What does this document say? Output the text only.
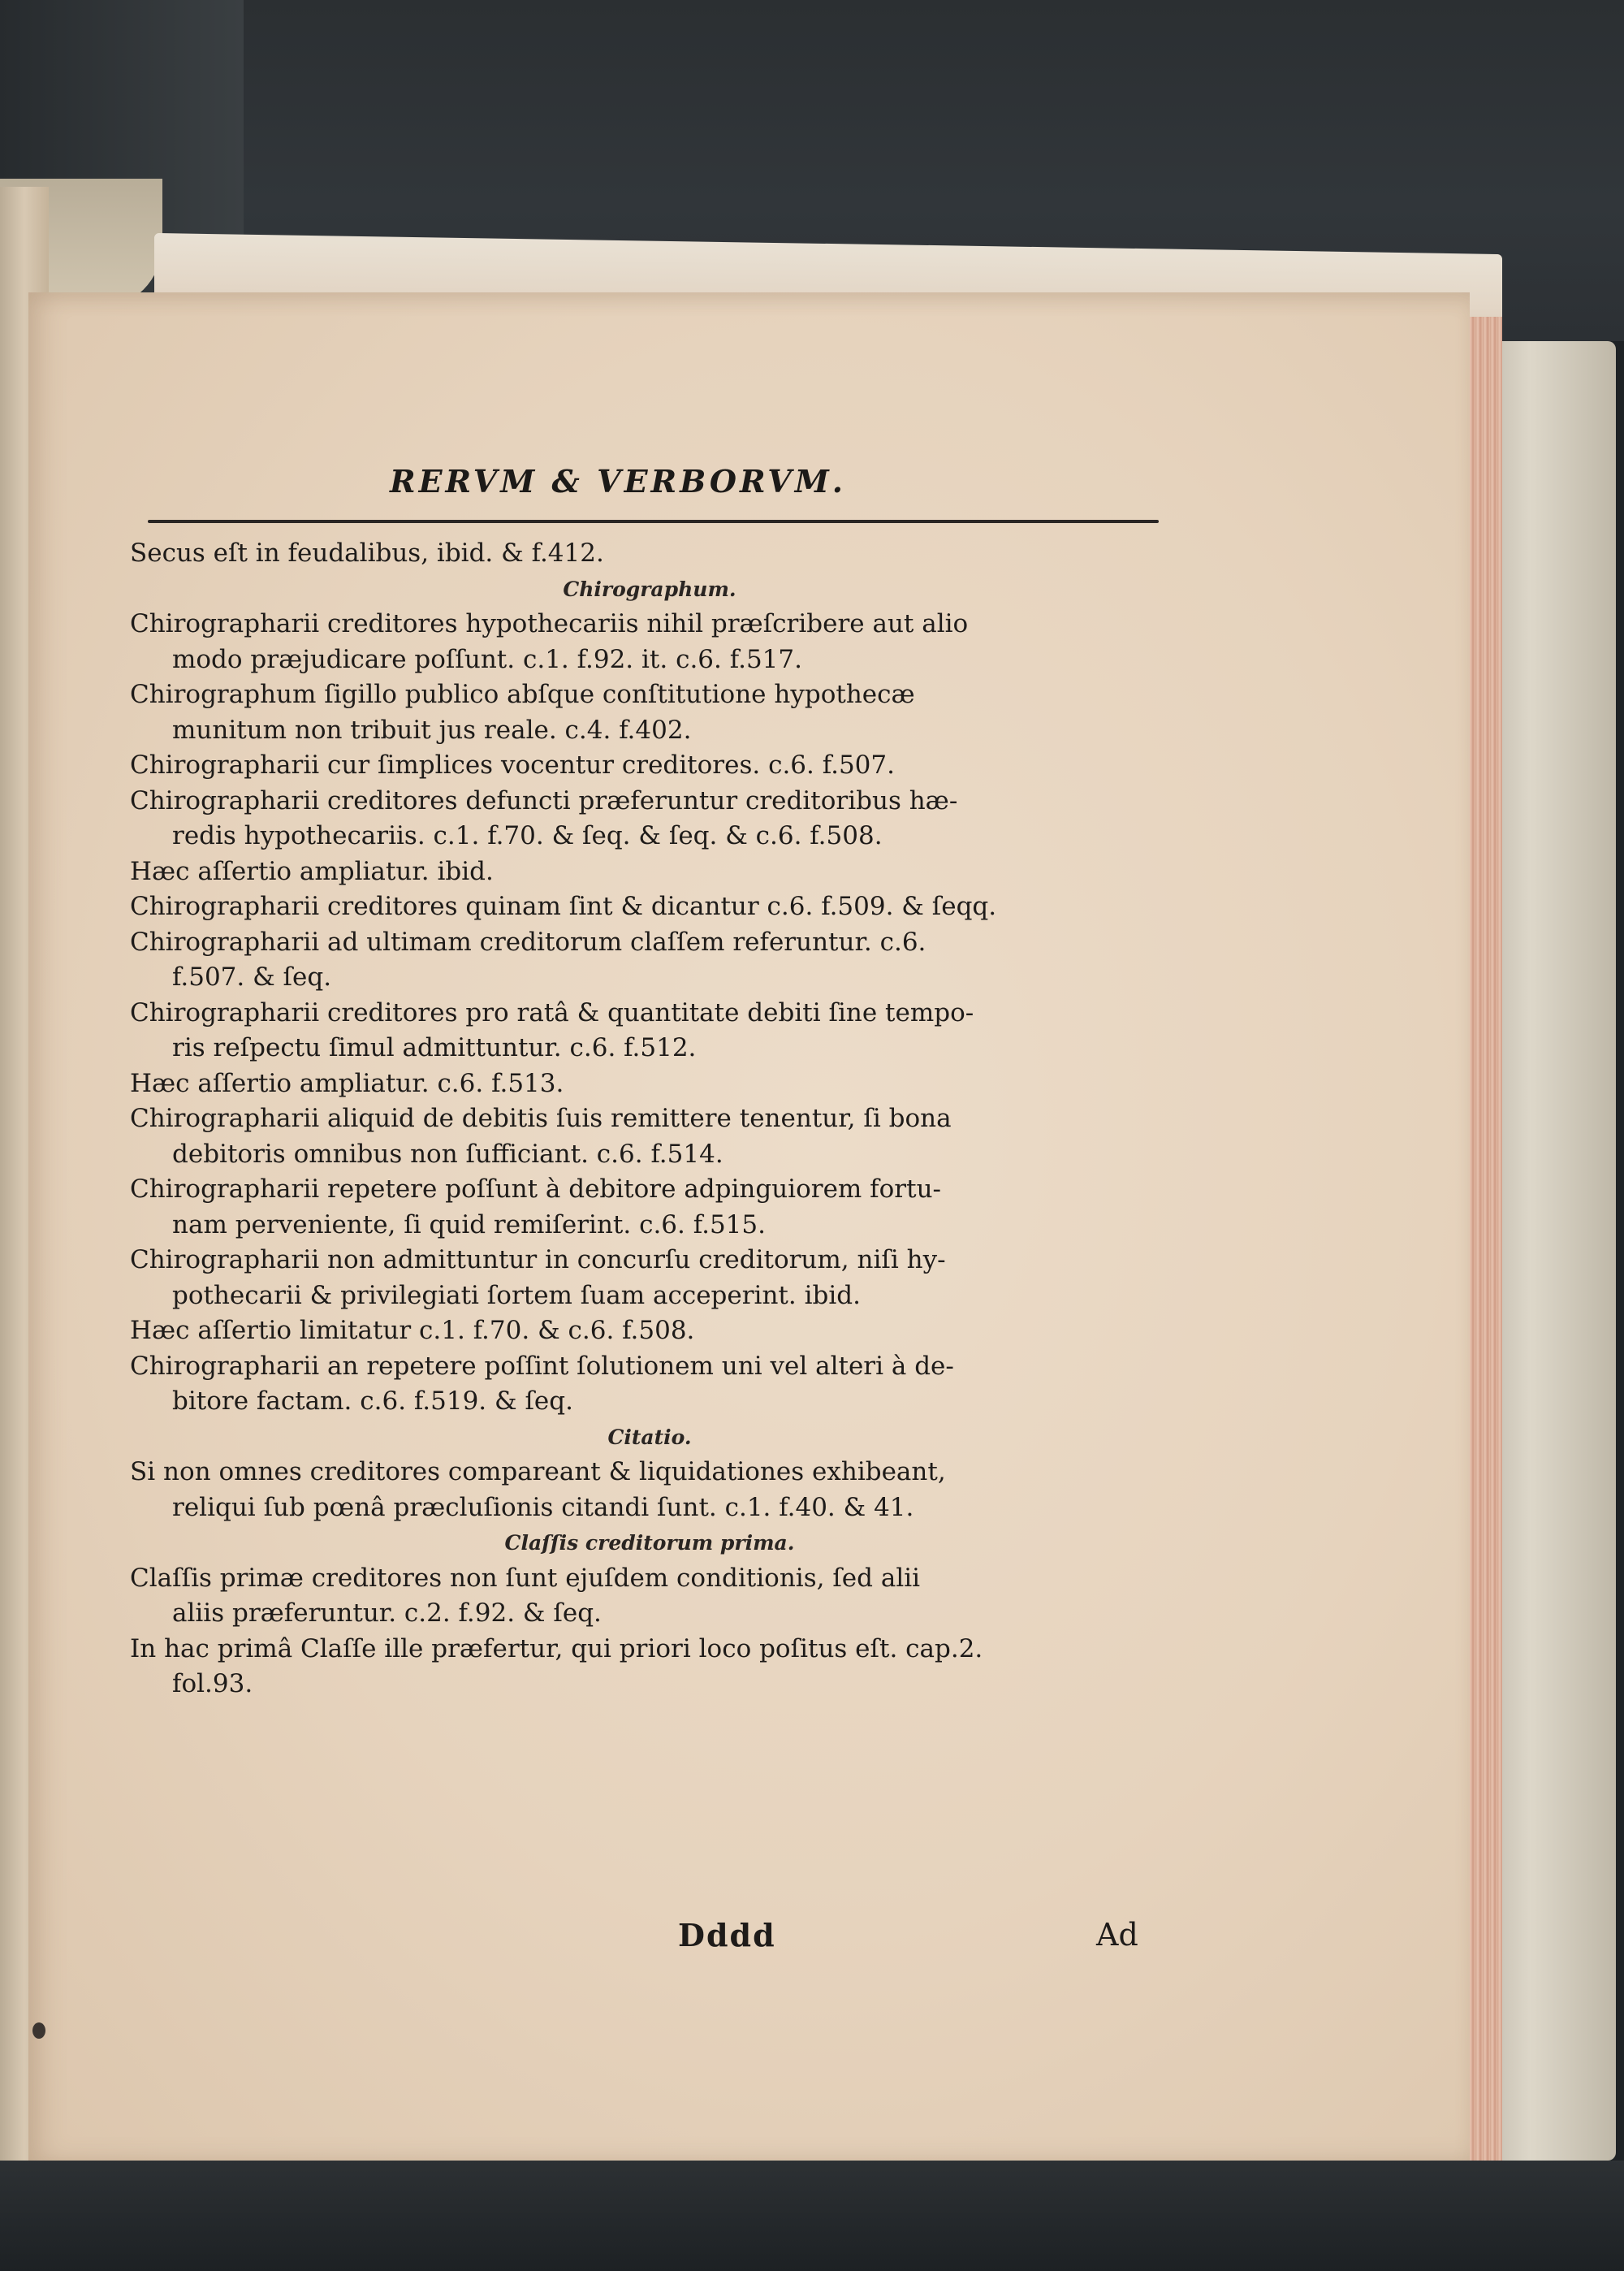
RERVM & VERBORVM.
Secus eſt in feudalibus, ibid. & f.412.
Chirographum.
Chirographarii creditores hypothecariis nihil præſcribere aut alio
modo præjudicare poſſunt. c.1. f.92. it. c.6. f.517.
Chirographum ſigillo publico abſque conſtitutione hypothecæ
munitum non tribuit jus reale. c.4. f.402.
Chirographarii cur ſimplices vocentur creditores. c.6. f.507.
Chirographarii creditores defuncti præferuntur creditoribus hæ-
redis hypothecariis. c.1. f.70. & ſeq. & ſeq. & c.6. f.508.
Hæc aſſertio ampliatur. ibid.
Chirographarii creditores quinam ſint & dicantur c.6. f.509. & ſeqq.
Chirographarii ad ultimam creditorum claſſem referuntur. c.6.
f.507. & ſeq.
Chirographarii creditores pro ratâ & quantitate debiti ſine tempo-
ris reſpectu ſimul admittuntur. c.6. f.512.
Hæc aſſertio ampliatur. c.6. f.513.
Chirographarii aliquid de debitis ſuis remittere tenentur, ſi bona
debitoris omnibus non ſufficiant. c.6. f.514.
Chirographarii repetere poſſunt à debitore adpinguiorem fortu-
nam perveniente, ſi quid remiſerint. c.6. f.515.
Chirographarii non admittuntur in concurſu creditorum, niſi hy-
pothecarii & privilegiati ſortem ſuam acceperint. ibid.
Hæc aſſertio limitatur c.1. f.70. & c.6. f.508.
Chirographarii an repetere poſſint ſolutionem uni vel alteri à de-
bitore factam. c.6. f.519. & ſeq.
Citatio.
Si non omnes creditores compareant & liquidationes exhibeant,
reliqui ſub pœnâ præcluſionis citandi ſunt. c.1. f.40. & 41.
Claſſis creditorum prima.
Claſſis primæ creditores non ſunt ejuſdem conditionis, ſed alii
aliis præferuntur. c.2. f.92. & ſeq.
In hac primâ Claſſe ille præfertur, qui priori loco poſitus eſt. cap.2.
fol.93.
Dddd	Ad
